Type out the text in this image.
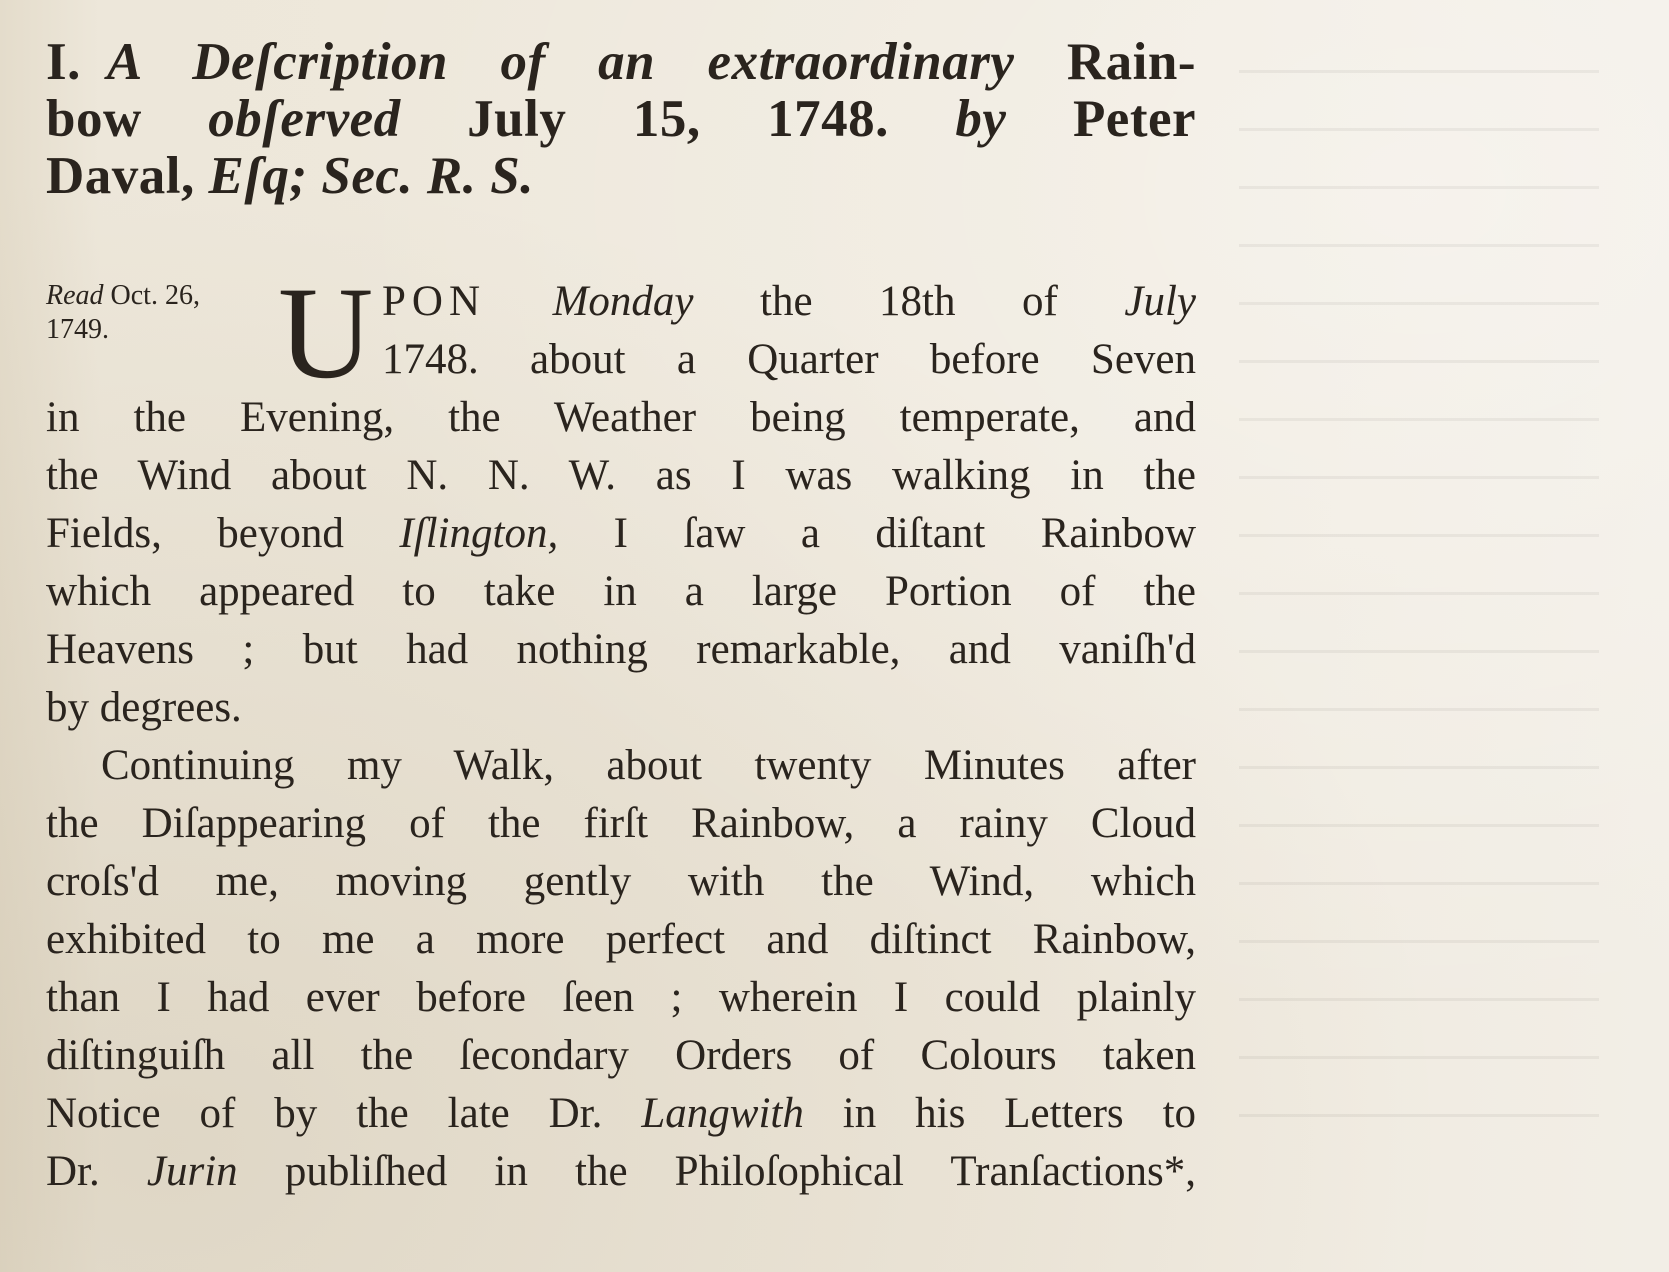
I. A Deſcription of an extraordinary Rain-
bow obſerved July 15, 1748. by Peter
Daval, Eſq; Sec. R. S.
Read Oct. 26,
1749.	U PON Monday the 18th of July
1748. about a Quarter before Seven
in the Evening, the Weather being temperate, and
the Wind about N. N. W. as I was walking in the
Fields, beyond Iſlington, I ſaw a diſtant Rainbow
which appeared to take in a large Portion of the
Heavens ; but had nothing remarkable, and vaniſh'd
by degrees.

Continuing my Walk, about twenty Minutes after
the Diſappearing of the firſt Rainbow, a rainy Cloud
croſs'd me, moving gently with the Wind, which
exhibited to me a more perfect and diſtinct Rainbow,
than I had ever before ſeen ; wherein I could plainly
diſtinguiſh all the ſecondary Orders of Colours taken
Notice of by the late Dr. Langwith in his Letters to
Dr. Jurin publiſhed in the Philoſophical Tranſactions*,
